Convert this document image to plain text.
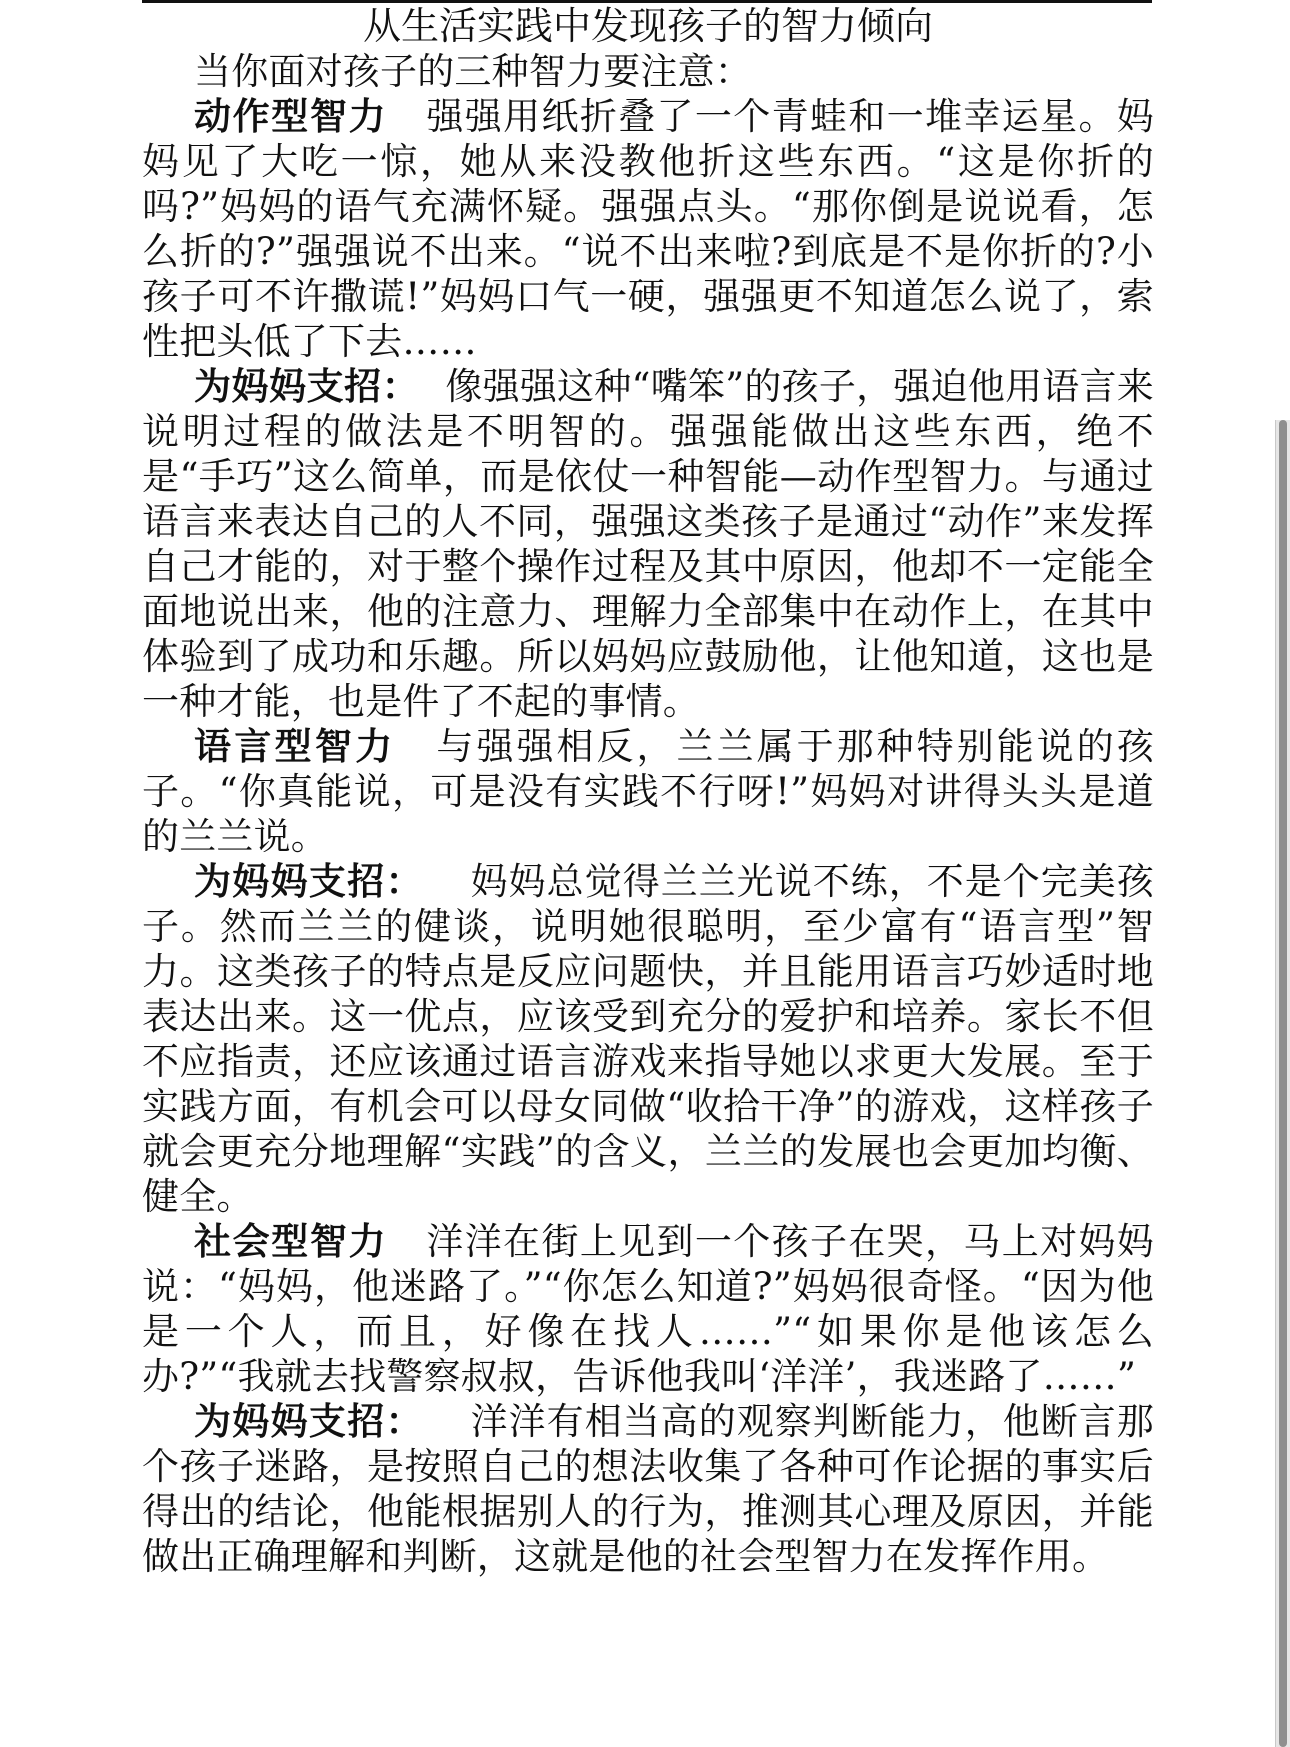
从生活实践中发现孩子的智力倾向

当你面对孩子的三种智力要注意：

动作型智力 强强用纸折叠了一个青蛙和一堆幸运星。妈妈见了大吃一惊，她从来没教他折这些东西。“这是你折的吗?”妈妈的语气充满怀疑。强强点头。“那你倒是说说看，怎么折的?”强强说不出来。“说不出来啦?到底是不是你折的?小孩子可不许撒谎!”妈妈口气一硬，强强更不知道怎么说了，索性把头低了下去……

为妈妈支招： 像强强这种“嘴笨”的孩子，强迫他用语言来说明过程的做法是不明智的。强强能做出这些东西，绝不是“手巧”这么简单，而是依仗一种智能—动作型智力。与通过语言来表达自己的人不同，强强这类孩子是通过“动作”来发挥自己才能的，对于整个操作过程及其中原因，他却不一定能全面地说出来，他的注意力、理解力全部集中在动作上，在其中体验到了成功和乐趣。所以妈妈应鼓励他，让他知道，这也是一种才能，也是件了不起的事情。

语言型智力 与强强相反，兰兰属于那种特别能说的孩子。“你真能说，可是没有实践不行呀!”妈妈对讲得头头是道的兰兰说。

为妈妈支招： 妈妈总觉得兰兰光说不练，不是个完美孩子。然而兰兰的健谈，说明她很聪明，至少富有“语言型”智力。这类孩子的特点是反应问题快，并且能用语言巧妙适时地表达出来。这一优点，应该受到充分的爱护和培养。家长不但不应指责，还应该通过语言游戏来指导她以求更大发展。至于实践方面，有机会可以母女同做“收拾干净”的游戏，这样孩子就会更充分地理解“实践”的含义，兰兰的发展也会更加均衡、健全。

社会型智力 洋洋在街上见到一个孩子在哭，马上对妈妈说：“妈妈，他迷路了。”“你怎么知道?”妈妈很奇怪。“因为他是一个人，而且，好像在找人……”“如果你是他该怎么办?”“我就去找警察叔叔，告诉他我叫‘洋洋’，我迷路了……”

为妈妈支招： 洋洋有相当高的观察判断能力，他断言那个孩子迷路，是按照自己的想法收集了各种可作论据的事实后得出的结论，他能根据别人的行为，推测其心理及原因，并能做出正确理解和判断，这就是他的社会型智力在发挥作用。
